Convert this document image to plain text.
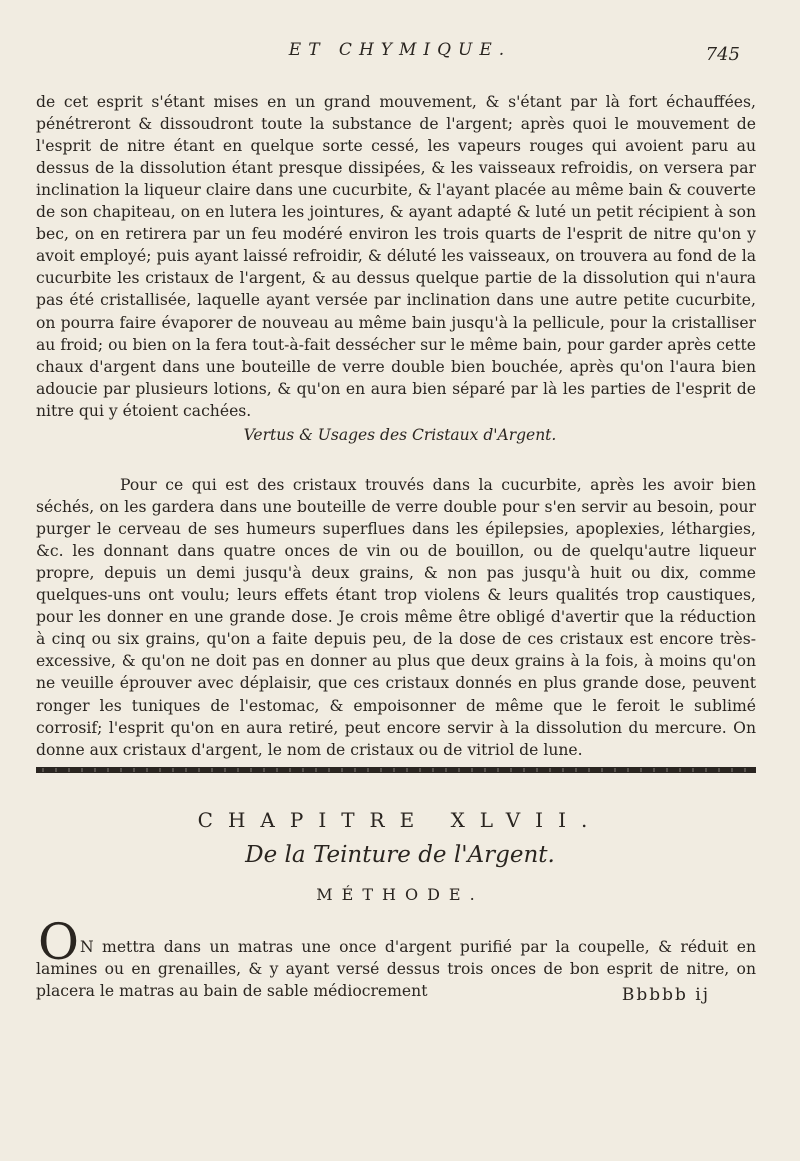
ET CHYMIQUE.	745

de cet esprit s'étant mises en un grand mouvement, & s'étant par là fort échauffées, pénétreront & dissoudront toute la substance de l'argent; après quoi le mouvement de l'esprit de nitre étant en quelque sorte cessé, les vapeurs rouges qui avoient paru au dessus de la dissolution étant presque dissipées, & les vaisseaux refroidis, on versera par inclination la liqueur claire dans une cucurbite, & l'ayant placée au même bain & couverte de son chapiteau, on en lutera les jointures, & ayant adapté & luté un petit récipient à son bec, on en retirera par un feu modéré environ les trois quarts de l'esprit de nitre qu'on y avoit employé; puis ayant laissé refroidir, & déluté les vaisseaux, on trouvera au fond de la cucurbite les cristaux de l'argent, & au dessus quelque partie de la dissolution qui n'aura pas été cristallisée, laquelle ayant versée par inclination dans une autre petite cucurbite, on pourra faire évaporer de nouveau au même bain jusqu'à la pellicule, pour la cristalliser au froid; ou bien on la fera tout-à-fait dessécher sur le même bain, pour garder après cette chaux d'argent dans une bouteille de verre double bien bouchée, après qu'on l'aura bien adoucie par plusieurs lotions, & qu'on en aura bien séparé par là les parties de l'esprit de nitre qui y étoient cachées.

Vertus & Usages des Cristaux d'Argent.

Pour ce qui est des cristaux trouvés dans la cucurbite, après les avoir bien séchés, on les gardera dans une bouteille de verre double pour s'en servir au besoin, pour purger le cerveau de ses humeurs superflues dans les épilepsies, apoplexies, léthargies, &c. les donnant dans quatre onces de vin ou de bouillon, ou de quelqu'autre liqueur propre, depuis un demi jusqu'à deux grains, & non pas jusqu'à huit ou dix, comme quelques-uns ont voulu; leurs effets étant trop violens & leurs qualités trop caustiques, pour les donner en une grande dose. Je crois même être obligé d'avertir que la réduction à cinq ou six grains, qu'on a faite depuis peu, de la dose de ces cristaux est encore très-excessive, & qu'on ne doit pas en donner au plus que deux grains à la fois, à moins qu'on ne veuille éprouver avec déplaisir, que ces cristaux donnés en plus grande dose, peuvent ronger les tuniques de l'estomac, & empoisonner de même que le feroit le sublimé corrosif; l'esprit qu'on en aura retiré, peut encore servir à la dissolution du mercure. On donne aux cristaux d'argent, le nom de cristaux ou de vitriol de lune.

CHAPITRE XLVII.
De la Teinture de l'Argent.
MÉTHODE.
O N mettra dans un matras une once d'argent purifié par la coupelle, & réduit en lamines ou en grenailles, & y ayant versé dessus trois onces de bon esprit de nitre, on placera le matras au bain de sable médiocrement	Bbbbb ij
